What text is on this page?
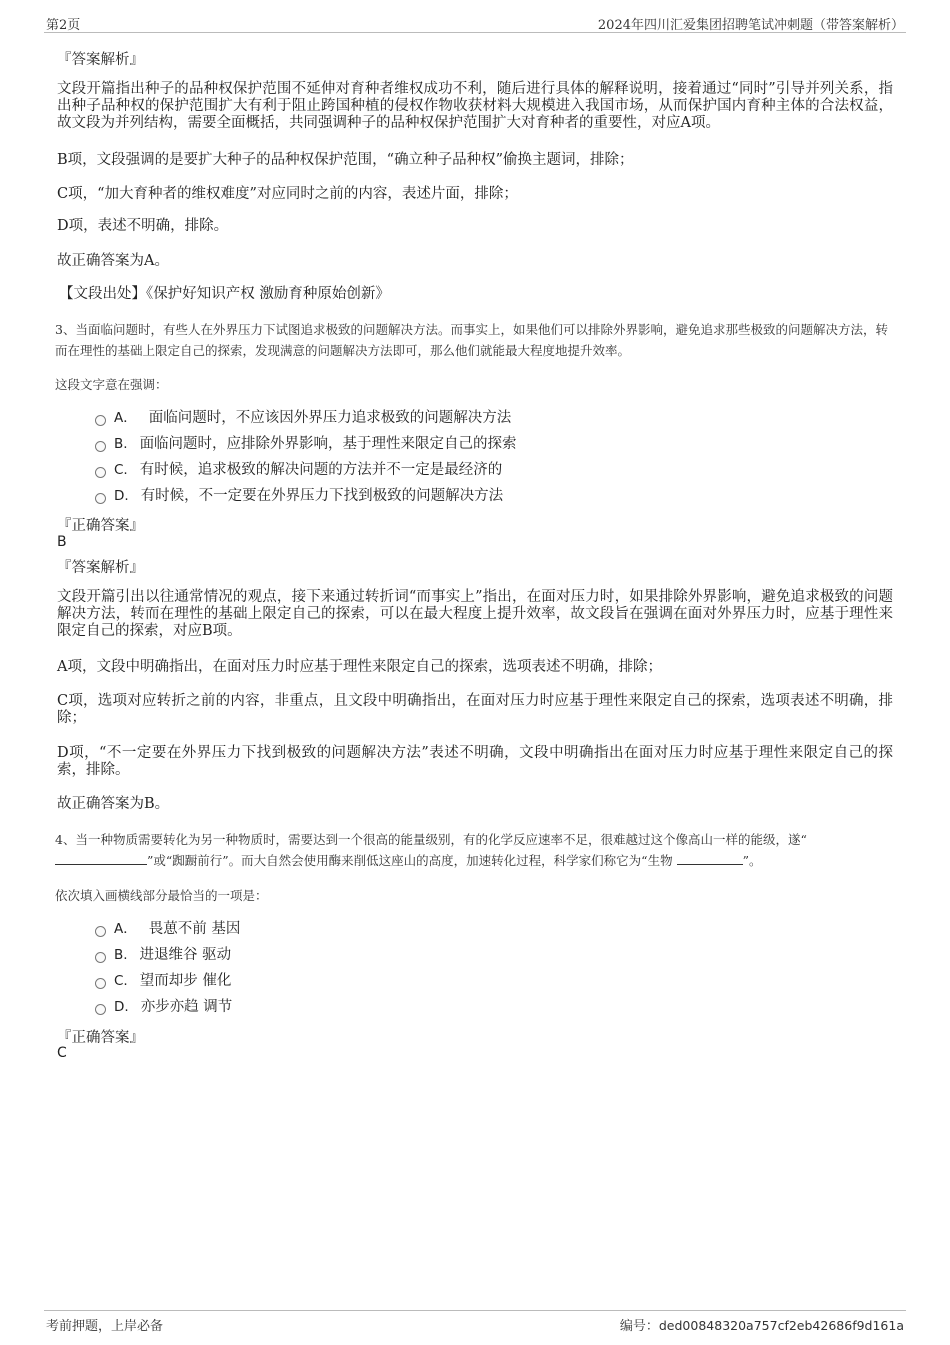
第2页	2024年四川汇爱集团招聘笔试冲刺题（带答案解析）
『答案解析』
文段开篇指出种子的品种权保护范围不延伸对育种者维权成功不利，随后进行具体的解释说明，接着通过“同时”引导并列关系，指出种子品种权的保护范围扩大有利于阻止跨国种植的侵权作物收获材料大规模进入我国市场，从而保护国内育种主体的合法权益，故文段为并列结构，需要全面概括，共同强调种子的品种权保护范围扩大对育种者的重要性，对应A项。
B项，文段强调的是要扩大种子的品种权保护范围，“确立种子品种权”偷换主题词，排除；
C项，“加大育种者的维权难度”对应同时之前的内容，表述片面，排除；
D项，表述不明确，排除。
故正确答案为A。
【文段出处】《保护好知识产权 激励育种原始创新》
3、当面临问题时，有些人在外界压力下试图追求极致的问题解决方法。而事实上，如果他们可以排除外界影响，避免追求那些极致的问题解决方法，转而在理性的基础上限定自己的探索，发现满意的问题解决方法即可，那么他们就能最大程度地提升效率。
这段文字意在强调：
A． 面临问题时，不应该因外界压力追求极致的问题解决方法
B. 面临问题时，应排除外界影响，基于理性来限定自己的探索
C. 有时候，追求极致的解决问题的方法并不一定是最经济的
D. 有时候，不一定要在外界压力下找到极致的问题解决方法
『正确答案』
B
『答案解析』
文段开篇引出以往通常情况的观点，接下来通过转折词“而事实上”指出，在面对压力时，如果排除外界影响，避免追求极致的问题解决方法，转而在理性的基础上限定自己的探索，可以在最大程度上提升效率，故文段旨在强调在面对外界压力时，应基于理性来限定自己的探索，对应B项。
A项，文段中明确指出，在面对压力时应基于理性来限定自己的探索，选项表述不明确，排除；
C项，选项对应转折之前的内容，非重点，且文段中明确指出，在面对压力时应基于理性来限定自己的探索，选项表述不明确，排除；
D项，“不一定要在外界压力下找到极致的问题解决方法”表述不明确，文段中明确指出在面对压力时应基于理性来限定自己的探索，排除。
故正确答案为B。
4、当一种物质需要转化为另一种物质时，需要达到一个很高的能量级别，有的化学反应速率不足，很难越过这个像高山一样的能级，遂“
”或“踟蹰前行”。而大自然会使用酶来削低这座山的高度，加速转化过程，科学家们称它为“生物	”。
依次填入画横线部分最恰当的一项是：
A． 畏葸不前 基因
B. 进退维谷 驱动
C. 望而却步 催化
D. 亦步亦趋 调节
『正确答案』
C
考前押题，上岸必备	编号：ded00848320a757cf2eb42686f9d161a
